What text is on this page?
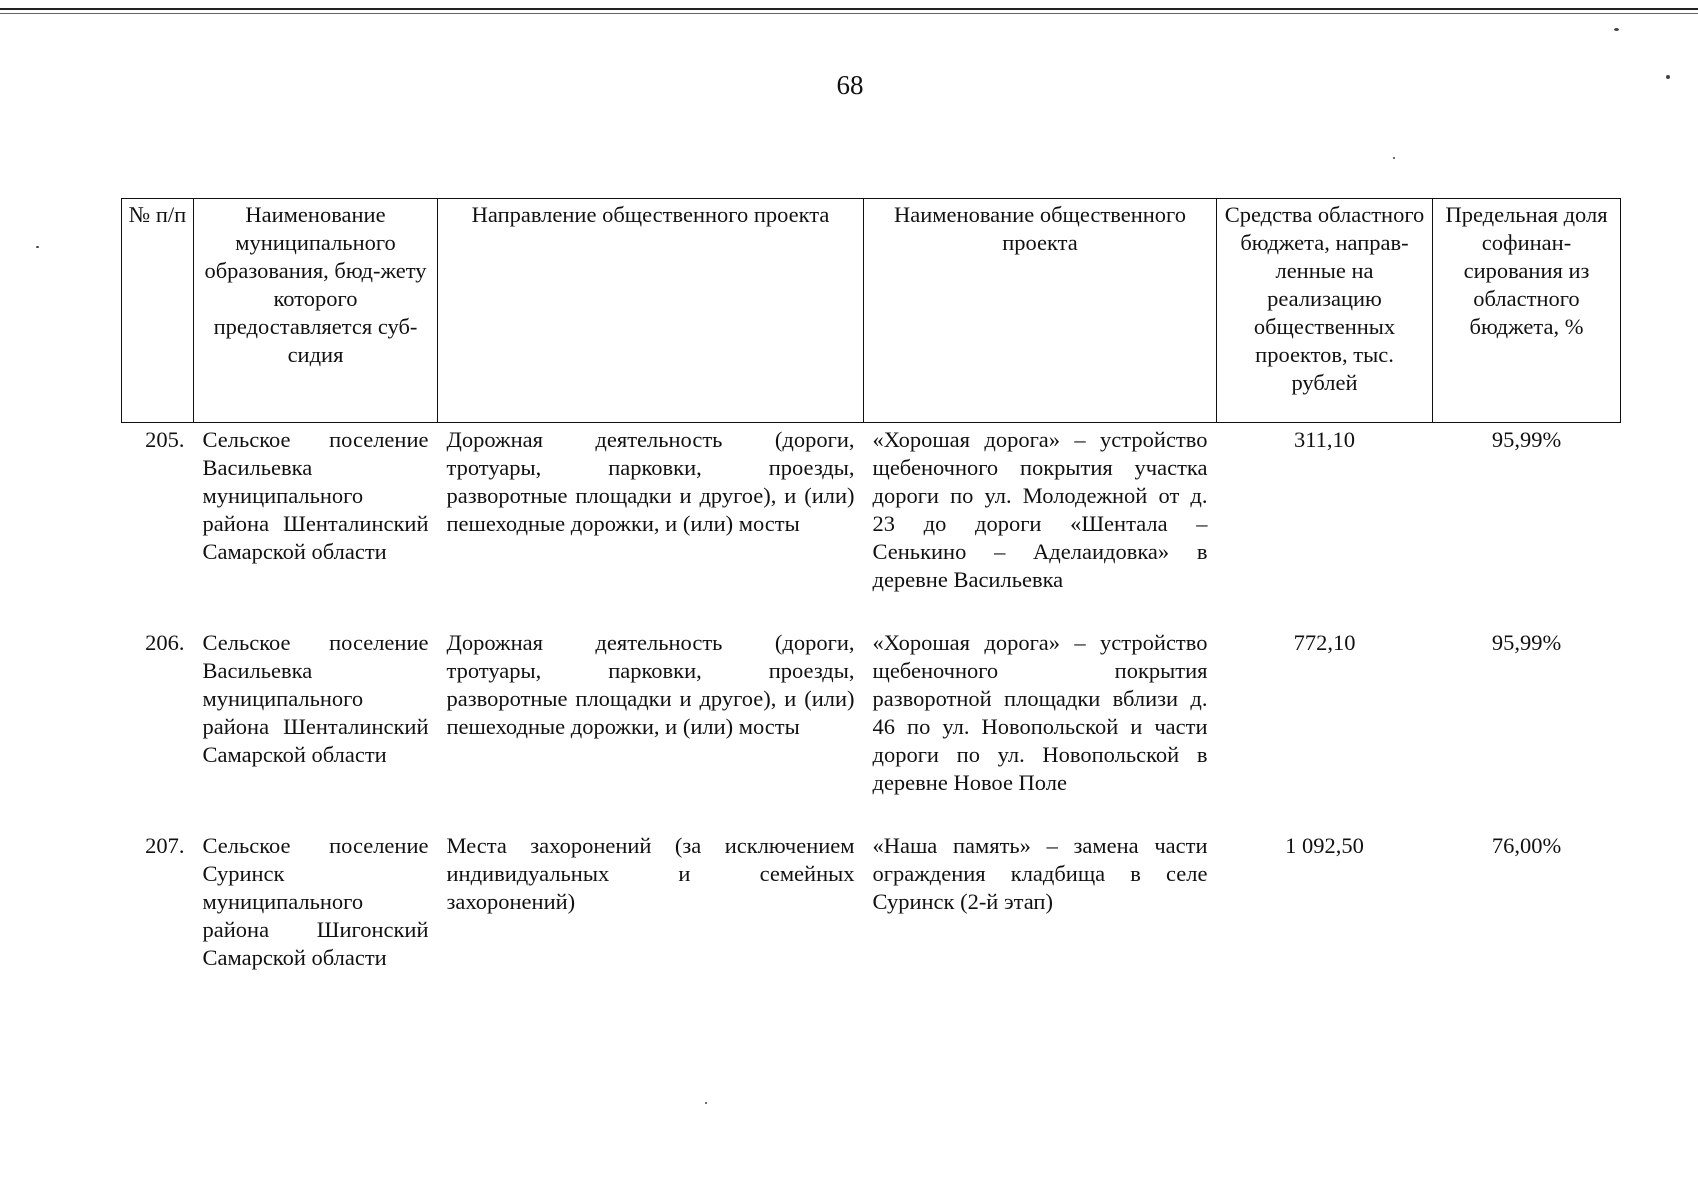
68
№ п/п	Наименование муниципального образования, бюд-жету которого предоставляется суб-сидия	Направление общественного проекта	Наименование общественного проекта	Средства областного бюджета, направ-ленные на реализацию общественных проектов, тыс. рублей	Предельная доля софинан-сирования из областного бюджета, %
205.	Сельское поселение Васильевка муниципального района Шенталинский Самарской области	Дорожная деятельность (дороги, тротуары, парковки, проезды, разворотные площадки и другое), и (или) пешеходные дорожки, и (или) мосты	«Хорошая дорога» – устройство щебеночного покрытия участка дороги по ул. Молодежной от д. 23 до дороги «Шентала – Сенькино – Аделаидовка» в деревне Васильевка	311,10	95,99%
206.	Сельское поселение Васильевка муниципального района Шенталинский Самарской области	Дорожная деятельность (дороги, тротуары, парковки, проезды, разворотные площадки и другое), и (или) пешеходные дорожки, и (или) мосты	«Хорошая дорога» – устройство щебеночного покрытия разворотной площадки вблизи д. 46 по ул. Новопольской и части дороги по ул. Новопольской в деревне Новое Поле	772,10	95,99%
207.	Сельское поселение Суринск муниципального района Шигонский Самарской области	Места захоронений (за исключением индивидуальных и семейных захоронений)	«Наша память» – замена части ограждения кладбища в селе Суринск (2-й этап)	1 092,50	76,00%
